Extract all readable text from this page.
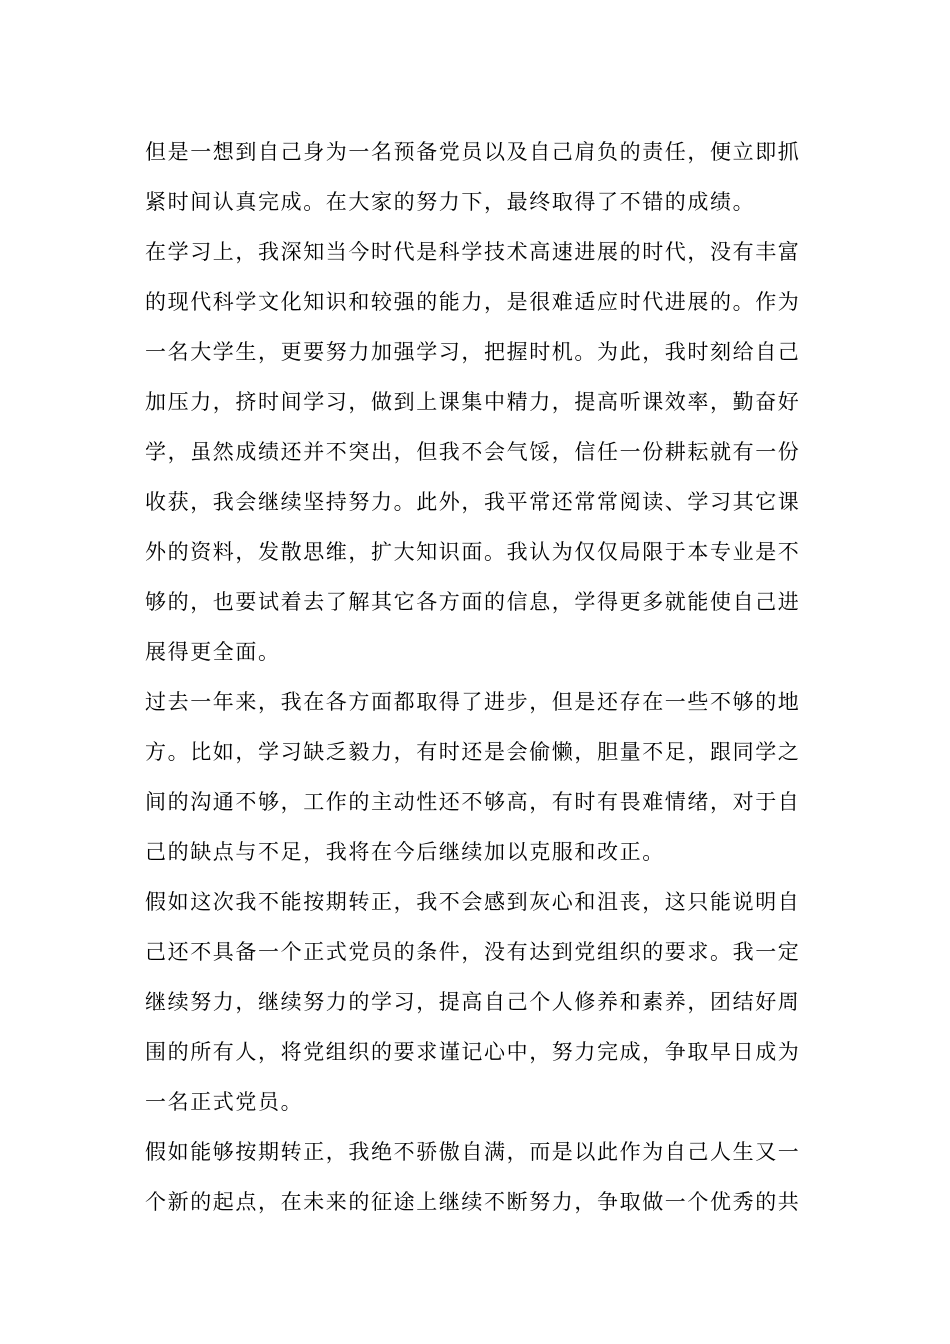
但是一想到自己身为一名预备党员以及自己肩负的责任，便立即抓
紧时间认真完成。在大家的努力下，最终取得了不错的成绩。

在学习上，我深知当今时代是科学技术高速进展的时代，没有丰富
的现代科学文化知识和较强的能力，是很难适应时代进展的。作为
一名大学生，更要努力加强学习，把握时机。为此，我时刻给自己
加压力，挤时间学习，做到上课集中精力，提高听课效率，勤奋好
学，虽然成绩还并不突出，但我不会气馁，信任一份耕耘就有一份
收获，我会继续坚持努力。此外，我平常还常常阅读、学习其它课
外的资料，发散思维，扩大知识面。我认为仅仅局限于本专业是不
够的，也要试着去了解其它各方面的信息，学得更多就能使自己进
展得更全面。

过去一年来，我在各方面都取得了进步，但是还存在一些不够的地
方。比如，学习缺乏毅力，有时还是会偷懒，胆量不足，跟同学之
间的沟通不够，工作的主动性还不够高，有时有畏难情绪，对于自
己的缺点与不足，我将在今后继续加以克服和改正。

假如这次我不能按期转正，我不会感到灰心和沮丧，这只能说明自
己还不具备一个正式党员的条件，没有达到党组织的要求。我一定
继续努力，继续努力的学习，提高自己个人修养和素养，团结好周
围的所有人，将党组织的要求谨记心中，努力完成，争取早日成为
一名正式党员。

假如能够按期转正，我绝不骄傲自满，而是以此作为自己人生又一
个新的起点，在未来的征途上继续不断努力，争取做一个优秀的共
